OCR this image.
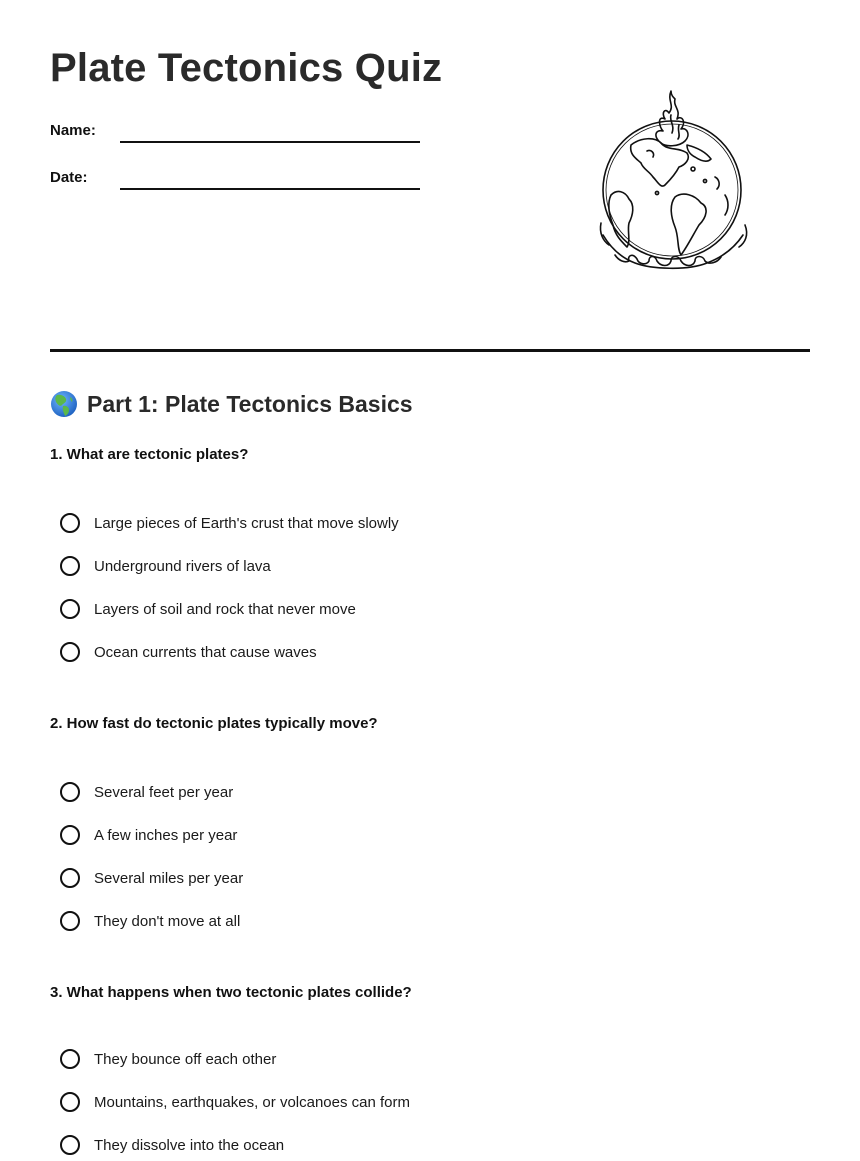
Plate Tectonics Quiz
Name:
Date:
Part 1: Plate Tectonics Basics
1. What are tectonic plates?
Large pieces of Earth's crust that move slowly
Underground rivers of lava
Layers of soil and rock that never move
Ocean currents that cause waves
2. How fast do tectonic plates typically move?
Several feet per year
A few inches per year
Several miles per year
They don't move at all
3. What happens when two tectonic plates collide?
They bounce off each other
Mountains, earthquakes, or volcanoes can form
They dissolve into the ocean
